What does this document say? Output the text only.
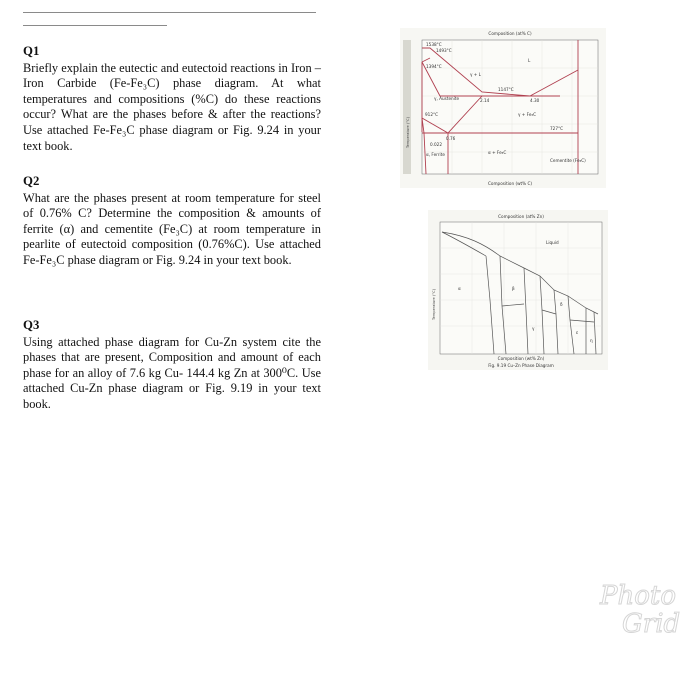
Q1

Briefly explain the eutectic and eutectoid reactions in Iron – Iron Carbide (Fe-Fe₃C) phase diagram. At what temperatures and compositions (%C) do these reactions occur? What are the phases before & after the reactions? Use attached Fe-Fe₃C phase diagram or Fig. 9.24 in your text book.

Q2

What are the phases present at room temperature for steel of 0.76% C? Determine the composition & amounts of ferrite (α) and cementite (Fe₃C) at room temperature in pearlite of eutectoid composition (0.76%C). Use attached Fe-Fe₃C phase diagram or Fig. 9.24 in your text book.

Q3

Using attached phase diagram for Cu-Zn system cite the phases that are present, Composition and amount of each phase for an alloy of 7.6 kg Cu- 144.4 kg Zn at 300⁰C. Use attached Cu-Zn phase diagram or Fig. 9.19 in your text book.

Temperature (°C)
Composition (at% C)
Composition (wt% C)
1538°C
1493°C
1394°C
1147°C
912°C
727°C
γ, Austenite
γ + L
L
γ + Fe₃C
α, Ferrite	α + Fe₃C
Cementite (Fe₃C)
2.14	4.30
0.76
0.022
Composition (at% Zn)
Temperature (°C)
Composition (wt% Zn)
Fig. 9.19 Cu–Zn Phase Diagram
α	β
γ
δ
ε
η
Liquid
Photo
Grid
